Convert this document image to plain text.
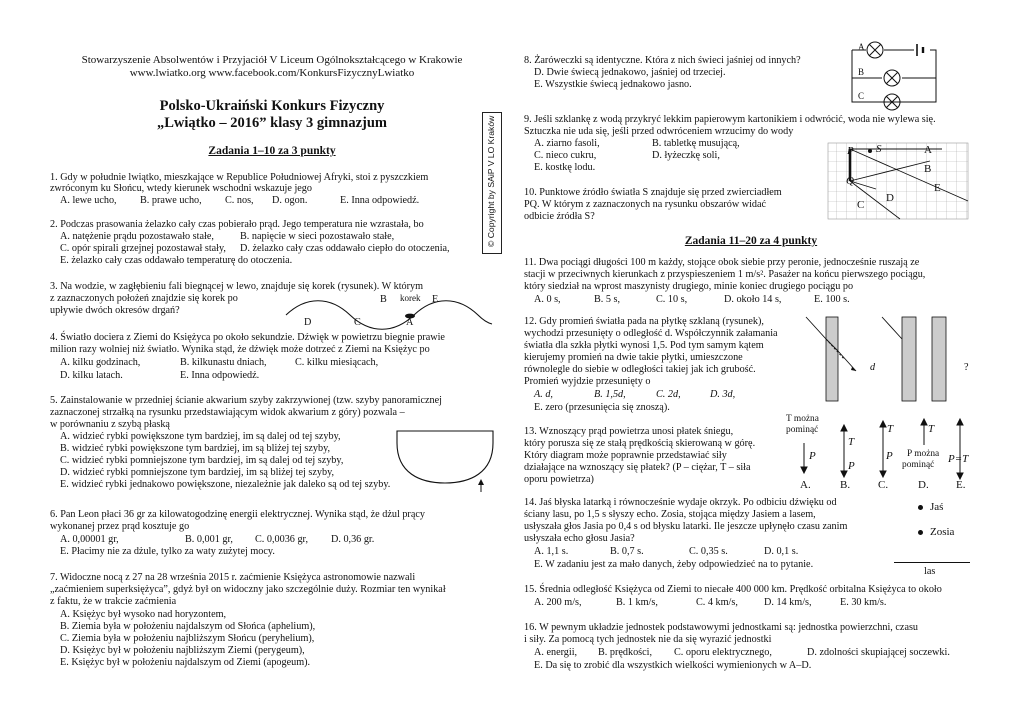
Stowarzyszenie Absolwentów i Przyjaciół V Liceum Ogólnokształcącego w Krakowie
www.lwiatko.org www.facebook.com/KonkursFizycznyLwiatko
Polsko-Ukraiński Konkurs Fizyczny
„Lwiątko – 2016” klasy 3 gimnazjum
Zadania 1–10 za 3 punkty
1. Gdy w południe lwiątko, mieszkające w Republice Południowej Afryki, stoi z pyszczkiem
zwróconym ku Słońcu, wtedy kierunek wschodni wskazuje jego
A. lewe ucho, B. prawe ucho, C. nos, D. ogon.	E. Inna odpowiedź.
2. Podczas prasowania żelazko cały czas pobierało prąd. Jego temperatura nie wzrastała, bo
A. natężenie prądu pozostawało stałe,	B. napięcie w sieci pozostawało stałe,
C. opór spirali grzejnej pozostawał stały, D. żelazko cały czas oddawało ciepło do otoczenia,
E. żelazko cały czas oddawało temperaturę do otoczenia.
3. Na wodzie, w zagłębieniu fali biegnącej w lewo, znajduje się korek (rysunek). W którym
z zaznaczonych położeń znajdzie się korek po
upływie dwóch okresów drgań?
B korek E
D	C	A
4. Światło dociera z Ziemi do Księżyca po około sekundzie. Dźwięk w powietrzu biegnie prawie
milion razy wolniej niż światło. Wynika stąd, że dźwięk może dotrzeć z Ziemi na Księżyc po
A. kilku godzinach,	B. kilkunastu dniach,	C. kilku miesiącach,
D. kilku latach.	E. Inna odpowiedź.
5. Zainstalowanie w przedniej ścianie akwarium szyby zakrzywionej (tzw. szyby panoramicznej
zaznaczonej strzałką na rysunku przedstawiającym widok akwarium z góry) pozwala –
w porównaniu z szybą płaską
A. widzieć rybki powiększone tym bardziej, im są dalej od tej szyby,
B. widzieć rybki powiększone tym bardziej, im są bliżej tej szyby,
C. widzieć rybki pomniejszone tym bardziej, im są dalej od tej szyby,
D. widzieć rybki pomniejszone tym bardziej, im są bliżej tej szyby,
E. widzieć rybki jednakowo powiększone, niezależnie jak daleko są od tej szyby.
6. Pan Leon płaci 36 gr za kilowatogodzinę energii elektrycznej. Wynika stąd, że dżul prący
wykonanej przez prąd kosztuje go
A. 0,00001 gr,	B. 0,001 gr, C. 0,0036 gr, D. 0,36 gr.
E. Płacimy nie za dżule, tylko za waty zużytej mocy.
7. Widoczne nocą z 27 na 28 września 2015 r. zaćmienie Księżyca astronomowie nazwali
„zaćmieniem superksiężyca”, gdyż był on widoczny jako szczególnie duży. Rozmiar ten wynikał
z faktu, że w trakcie zaćmienia
A. Księżyc był wysoko nad horyzontem,
B. Ziemia była w położeniu najdalszym od Słońca (aphelium),
C. Ziemia była w położeniu najbliższym Słońcu (peryhelium),
D. Księżyc był w położeniu najbliższym Ziemi (perygeum),
E. Księżyc był w położeniu najdalszym od Ziemi (apogeum).
© Copyright by SAiP V LO Kraków
8. Żaróweczki są identyczne. Która z nich świeci jaśniej od innych?
D. Dwie świecą jednakowo, jaśniej od trzeciej.
E. Wszystkie świecą jednakowo jasno.
A
B
C
9. Jeśli szklankę z wodą przykryć lekkim papierowym kartonikiem i odwrócić, woda nie wylewa się.
Sztuczka nie uda się, jeśli przed odwróceniem wrzucimy do wody
A. ziarno fasoli,	B. tabletkę musującą,
C. nieco cukru,	D. łyżeczkę soli,
E. kostkę lodu.
10. Punktowe źródło światła S znajduje się przed zwierciadłem
PQ. W którym z zaznaczonych na rysunku obszarów widać
odbicie źródła S?
P S
Q
A
B
E
D
C
Zadania 11–20 za 4 punkty
11. Dwa pociągi długości 100 m każdy, stojące obok siebie przy peronie, jednocześnie ruszają ze
stacji w przeciwnych kierunkach z przyspieszeniem 1 m/s². Pasażer na końcu pierwszego pociągu,
który siedział na wprost maszynisty drugiego, minie koniec drugiego pociągu po
A. 0 s,	B. 5 s,	C. 10 s,	D. około 14 s,	E. 100 s.
12. Gdy promień światła pada na płytkę szklaną (rysunek),
wychodzi przesunięty o odległość d. Współczynnik załamania
światła dla szkła płytki wynosi 1,5. Pod tym samym kątem
kierujemy promień na dwie takie płytki, umieszczone
równolegle do siebie w odległości takiej jak ich grubość.
Promień wyjdzie przesunięty o
A. d,	B. 1,5d,	C. 2d,	D. 3d,
E. zero (przesunięcia się znoszą).
d	?
13. Wznoszący prąd powietrza unosi płatek śniegu,
który porusza się ze stałą prędkością skierowaną w górę.
Który diagram może poprawnie przedstawiać siły
działające na wznoszący się płatek? (P – ciężar, T – siła
oporu powietrza)
T można
pominąć
P
T
P
T
P
T
P można
pominąć P=T
A.	B.	C.	D. E.
14. Jaś błyska latarką i równocześnie wydaje okrzyk. Po odbiciu dźwięku od
ściany lasu, po 1,5 s słyszy echo. Zosia, stojąca między Jasiem a lasem,
usłyszała głos Jasia po 0,4 s od błysku latarki. Ile jeszcze upłynęło czasu zanim
usłyszała echo głosu Jasia?
A. 1,1 s.	B. 0,7 s.	C. 0,35 s.	D. 0,1 s.
E. W zadaniu jest za mało danych, żeby odpowiedzieć na to pytanie.
Jaś
Zosia
las
15. Średnia odległość Księżyca od Ziemi to niecałe 400 000 km. Prędkość orbitalna Księżyca to około
A. 200 m/s,	B. 1 km/s,	C. 4 km/s,	D. 14 km/s,	E. 30 km/s.
16. W pewnym układzie jednostek podstawowymi jednostkami są: jednostka powierzchni, czasu
i siły. Za pomocą tych jednostek nie da się wyrazić jednostki
A. energii, B. prędkości, C. oporu elektrycznego,	D. zdolności skupiającej soczewki.
E. Da się to zrobić dla wszystkich wielkości wymienionych w A–D.
